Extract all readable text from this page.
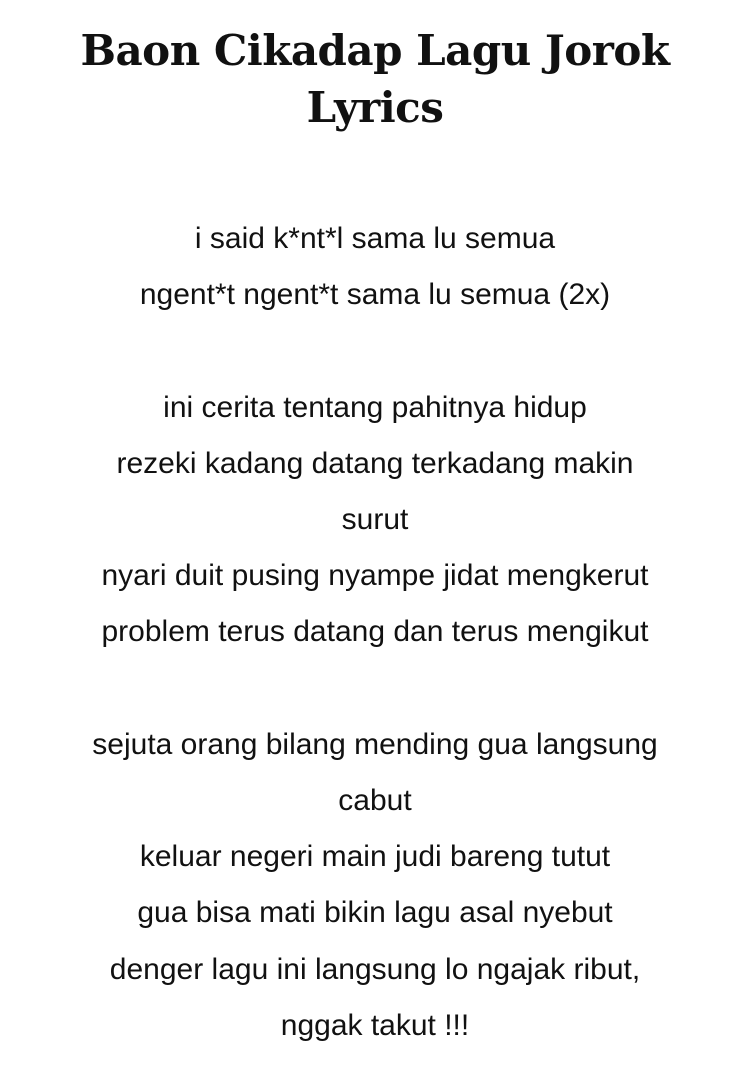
Baon Cikadap Lagu Jorok
Lyrics
i said k*nt*l sama lu semua
ngent*t ngent*t sama lu semua (2x)
ini cerita tentang pahitnya hidup
rezeki kadang datang terkadang makin
surut
nyari duit pusing nyampe jidat mengkerut
problem terus datang dan terus mengikut
sejuta orang bilang mending gua langsung
cabut
keluar negeri main judi bareng tutut
gua bisa mati bikin lagu asal nyebut
denger lagu ini langsung lo ngajak ribut,
nggak takut !!!
